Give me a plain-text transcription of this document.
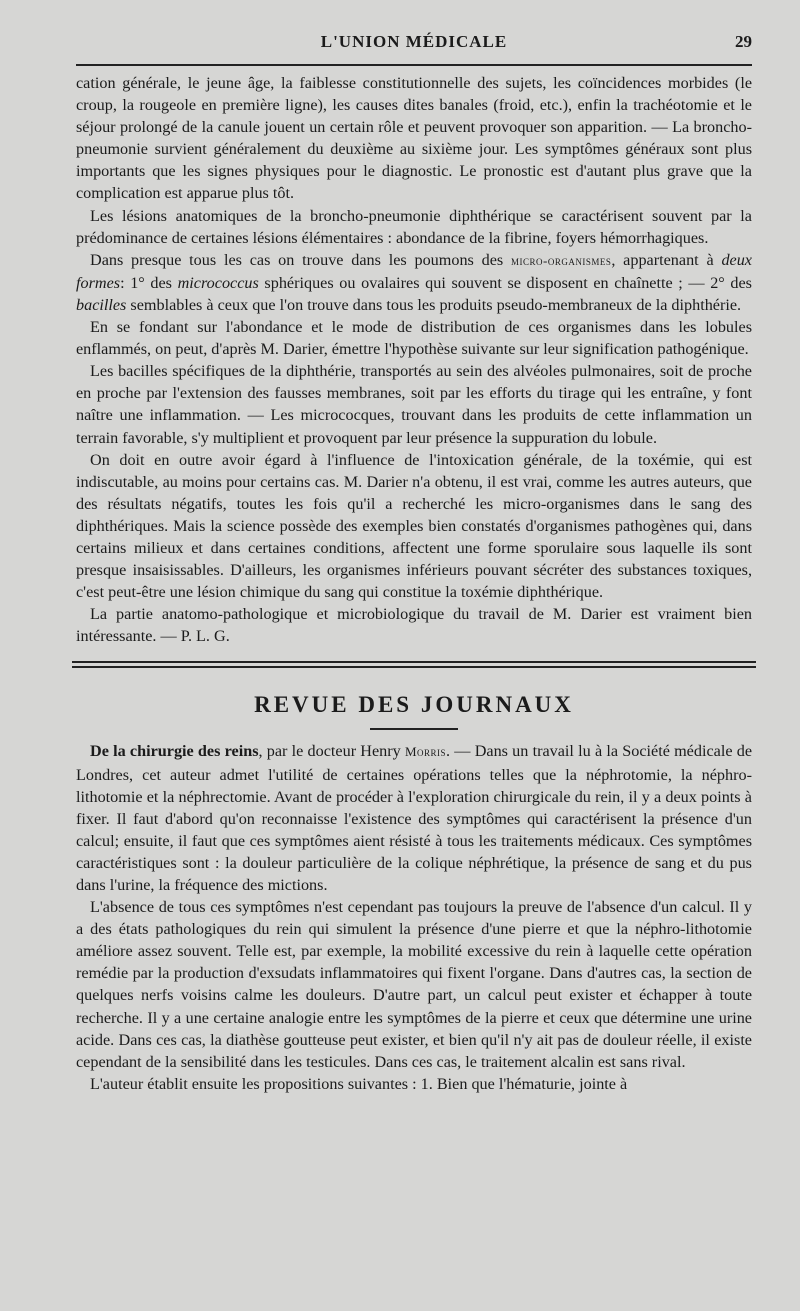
L'UNION MÉDICALE	29

cation générale, le jeune âge, la faiblesse constitutionnelle des sujets, les coïncidences morbides (le croup, la rougeole en première ligne), les causes dites banales (froid, etc.), enfin la trachéotomie et le séjour prolongé de la canule jouent un certain rôle et peuvent provoquer son apparition. — La broncho-pneumonie survient généralement du deuxième au sixième jour. Les symptômes généraux sont plus importants que les signes physiques pour le diagnostic. Le pronostic est d'autant plus grave que la complication est apparue plus tôt.

Les lésions anatomiques de la broncho-pneumonie diphthérique se caractérisent souvent par la prédominance de certaines lésions élémentaires : abondance de la fibrine, foyers hémorrhagiques.

Dans presque tous les cas on trouve dans les poumons des micro-organismes, appartenant à deux formes: 1° des micrococcus sphériques ou ovalaires qui souvent se disposent en chaînette ; — 2° des bacilles semblables à ceux que l'on trouve dans tous les produits pseudo-membraneux de la diphthérie.

En se fondant sur l'abondance et le mode de distribution de ces organismes dans les lobules enflammés, on peut, d'après M. Darier, émettre l'hypothèse suivante sur leur signification pathogénique.

Les bacilles spécifiques de la diphthérie, transportés au sein des alvéoles pulmonaires, soit de proche en proche par l'extension des fausses membranes, soit par les efforts du tirage qui les entraîne, y font naître une inflammation. — Les micrococques, trouvant dans les produits de cette inflammation un terrain favorable, s'y multiplient et provoquent par leur présence la suppuration du lobule.

On doit en outre avoir égard à l'influence de l'intoxication générale, de la toxémie, qui est indiscutable, au moins pour certains cas. M. Darier n'a obtenu, il est vrai, comme les autres auteurs, que des résultats négatifs, toutes les fois qu'il a recherché les micro-organismes dans le sang des diphthériques. Mais la science possède des exemples bien constatés d'organismes pathogènes qui, dans certains milieux et dans certaines conditions, affectent une forme sporulaire sous laquelle ils sont presque insaisissables. D'ailleurs, les organismes inférieurs pouvant sécréter des substances toxiques, c'est peut-être une lésion chimique du sang qui constitue la toxémie diphthérique.

La partie anatomo-pathologique et microbiologique du travail de M. Darier est vraiment bien intéressante. — P. L. G.

REVUE DES JOURNAUX

De la chirurgie des reins, par le docteur Henry Morris. — Dans un travail lu à la Société médicale de Londres, cet auteur admet l'utilité de certaines opérations telles que la néphrotomie, la néphro-lithotomie et la néphrectomie. Avant de procéder à l'exploration chirurgicale du rein, il y a deux points à fixer. Il faut d'abord qu'on reconnaisse l'existence des symptômes qui caractérisent la présence d'un calcul; ensuite, il faut que ces symptômes aient résisté à tous les traitements médicaux. Ces symptômes caractéristiques sont : la douleur particulière de la colique néphrétique, la présence de sang et du pus dans l'urine, la fréquence des mictions.

L'absence de tous ces symptômes n'est cependant pas toujours la preuve de l'absence d'un calcul. Il y a des états pathologiques du rein qui simulent la présence d'une pierre et que la néphro-lithotomie améliore assez souvent. Telle est, par exemple, la mobilité excessive du rein à laquelle cette opération remédie par la production d'exsudats inflammatoires qui fixent l'organe. Dans d'autres cas, la section de quelques nerfs voisins calme les douleurs. D'autre part, un calcul peut exister et échapper à toute recherche. Il y a une certaine analogie entre les symptômes de la pierre et ceux que détermine une urine acide. Dans ces cas, la diathèse goutteuse peut exister, et bien qu'il n'y ait pas de douleur réelle, il existe cependant de la sensibilité dans les testicules. Dans ces cas, le traitement alcalin est sans rival.

L'auteur établit ensuite les propositions suivantes : 1. Bien que l'hématurie, jointe à
